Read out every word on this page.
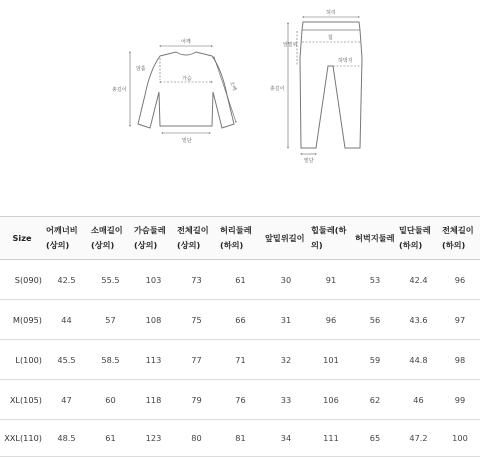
어깨
가슴
암홀
소매
총길이
밑단
허리
앞밑위
힙
허벅지
총길이
밑단
Size	어깨너비(상의)	소매길이(상의)	가슴둘레(상의)	전체길이(상의)	허리둘레(하의)	앞밑위길이	힙둘레(하의)	허벅지둘레	밑단둘레(하의)	전체길이(하의)
S(090)	42.5	55.5	103	73	61	30	91	53	42.4	96
M(095)	44	57	108	75	66	31	96	56	43.6	97
L(100)	45.5	58.5	113	77	71	32	101	59	44.8	98
XL(105)	47	60	118	79	76	33	106	62	46	99
XXL(110)	48.5	61	123	80	81	34	111	65	47.2	100
